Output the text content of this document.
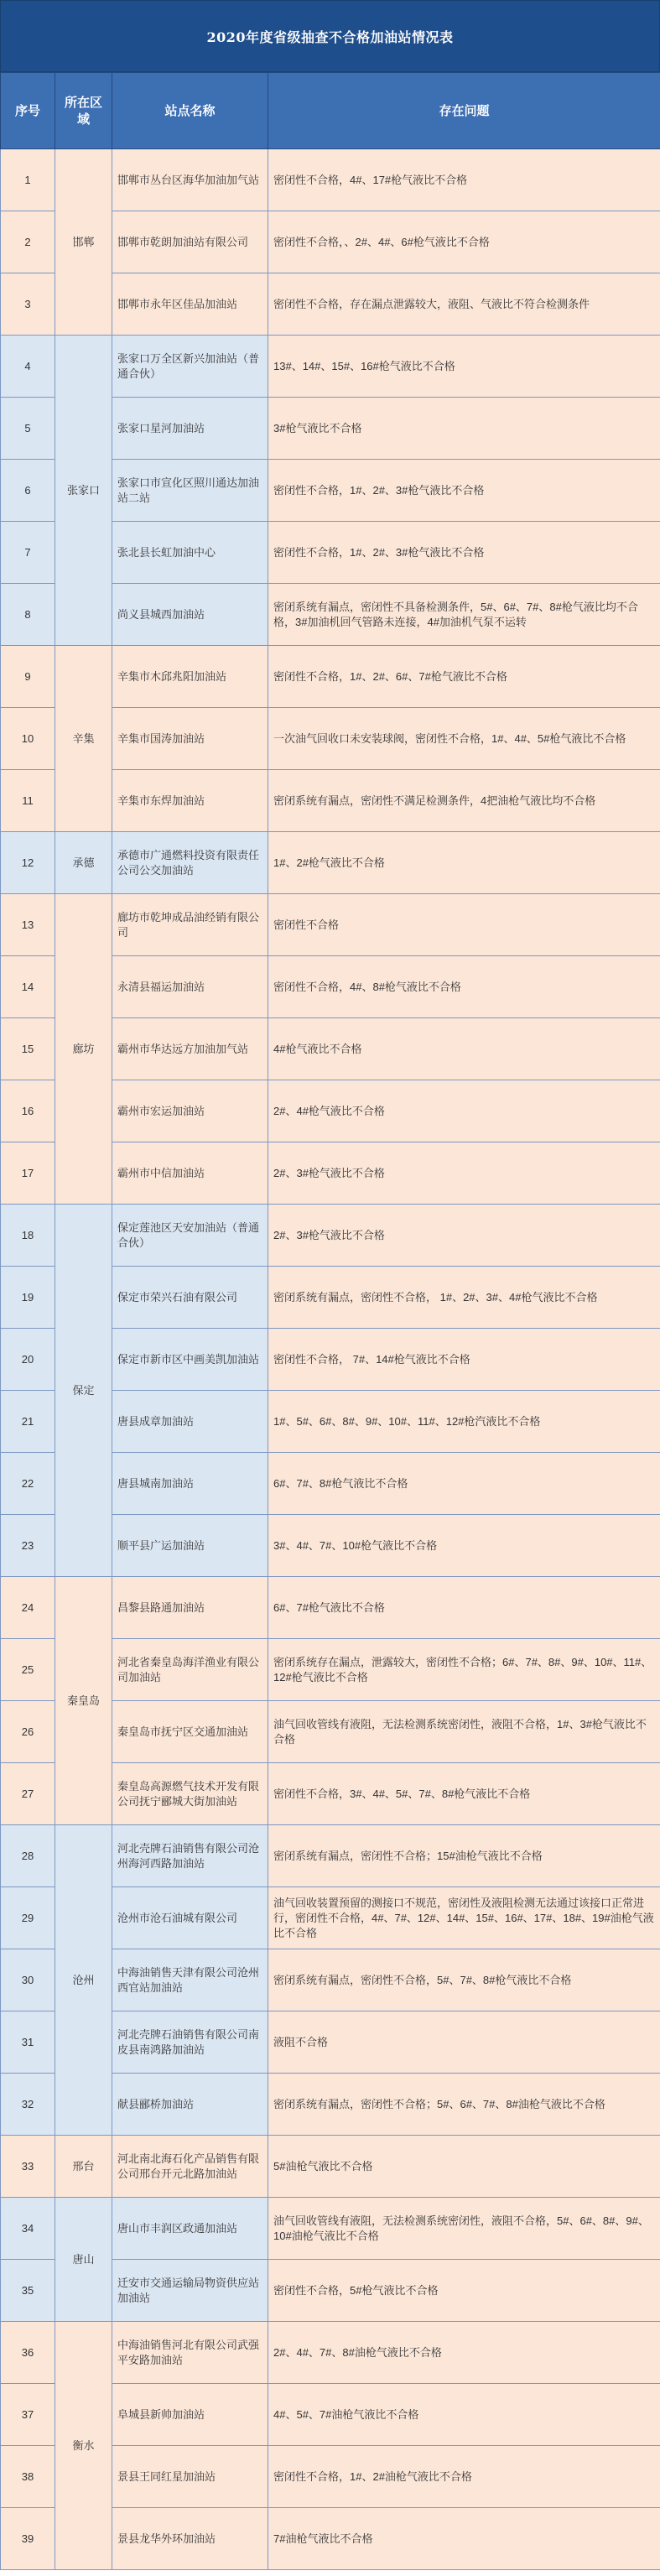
2020年度省级抽查不合格加油站情况表
序号	所在区域	站点名称	存在问题
1	邯郸	邯郸市丛台区海华加油加气站	密闭性不合格，4#、17#枪气液比不合格
2		邯郸市乾朗加油站有限公司	密闭性不合格，、2#、4#、6#枪气液比不合格
3		邯郸市永年区佳品加油站	密闭性不合格，存在漏点泄露较大，液阻、气液比不符合检测条件
4	张家口	张家口万全区新兴加油站（普通合伙）	13#、14#、15#、16#枪气液比不合格
5		张家口星河加油站	3#枪气液比不合格
6		张家口市宣化区照川通达加油站二站	密闭性不合格，1#、2#、3#枪气液比不合格
7		张北县长虹加油中心	密闭性不合格，1#、2#、3#枪气液比不合格
8		尚义县城西加油站	密闭系统有漏点，密闭性不具备检测条件，5#、6#、7#、8#枪气液比均不合格，3#加油机回气管路未连接，4#加油机气泵不运转
9	辛集	辛集市木邱兆阳加油站	密闭性不合格，1#、2#、6#、7#枪气液比不合格
10		辛集市国涛加油站	一次油气回收口未安装球阀，密闭性不合格，1#、4#、5#枪气液比不合格
11		辛集市东焊加油站	密闭系统有漏点，密闭性不满足检测条件，4把油枪气液比均不合格
12	承德	承德市广通燃料投资有限责任公司公交加油站	1#、2#枪气液比不合格
13	廊坊	廊坊市乾坤成品油经销有限公司	密闭性不合格
14		永清县福运加油站	密闭性不合格，4#、8#枪气液比不合格
15		霸州市华达远方加油加气站	4#枪气液比不合格
16		霸州市宏运加油站	2#、4#枪气液比不合格
17		霸州市中信加油站	2#、3#枪气液比不合格
18	保定	保定莲池区天安加油站（普通合伙）	2#、3#枪气液比不合格
19		保定市荣兴石油有限公司	密闭系统有漏点，密闭性不合格， 1#、2#、3#、4#枪气液比不合格
20		保定市新市区中画美凯加油站	密闭性不合格， 7#、14#枪气液比不合格
21		唐县成章加油站	1#、5#、6#、8#、9#、10#、11#、12#枪汽液比不合格
22		唐县城南加油站	6#、7#、8#枪气液比不合格
23		顺平县广运加油站	3#、4#、7#、10#枪气液比不合格
24	秦皇岛	昌黎县路通加油站	6#、7#枪气液比不合格
25		河北省秦皇岛海洋渔业有限公司加油站	密闭系统存在漏点，泄露较大，密闭性不合格；6#、7#、8#、9#、10#、11#、12#枪气液比不合格
26		秦皇岛市抚宁区交通加油站	油气回收管线有液阻，无法检测系统密闭性，液阻不合格，1#、3#枪气液比不合格
27		秦皇岛高源燃气技术开发有限公司抚宁郦城大街加油站	密闭性不合格，3#、4#、5#、7#、8#枪气液比不合格
28	沧州	河北壳牌石油销售有限公司沧州海河西路加油站	密闭系统有漏点，密闭性不合格；15#油枪气液比不合格
29		沧州市沧石油城有限公司	油气回收装置预留的测接口不规范，密闭性及液阻检测无法通过该接口正常进行，密闭性不合格，4#、7#、12#、14#、15#、16#、17#、18#、19#油枪气液比不合格
30		中海油销售天津有限公司沧州西官站加油站	密闭系统有漏点，密闭性不合格，5#、7#、8#枪气液比不合格
31		河北壳牌石油销售有限公司南皮县南鸿路加油站	液阻不合格
32		献县郦桥加油站	密闭系统有漏点，密闭性不合格；5#、6#、7#、8#油枪气液比不合格
33	邢台	河北南北海石化产品销售有限公司邢台开元北路加油站	5#油枪气液比不合格
34	唐山	唐山市丰润区政通加油站	油气回收管线有液阻，无法检测系统密闭性，液阻不合格，5#、6#、8#、9#、10#油枪气液比不合格
35		迁安市交通运输局物资供应站加油站	密闭性不合格，5#枪气液比不合格
36	衡水	中海油销售河北有限公司武强平安路加油站	2#、4#、7#、8#油枪气液比不合格
37		阜城县新帅加油站	4#、5#、7#油枪气液比不合格
38		景县王同红星加油站	密闭性不合格，1#、2#油枪气液比不合格
39		景县龙华外环加油站	7#油枪气液比不合格
